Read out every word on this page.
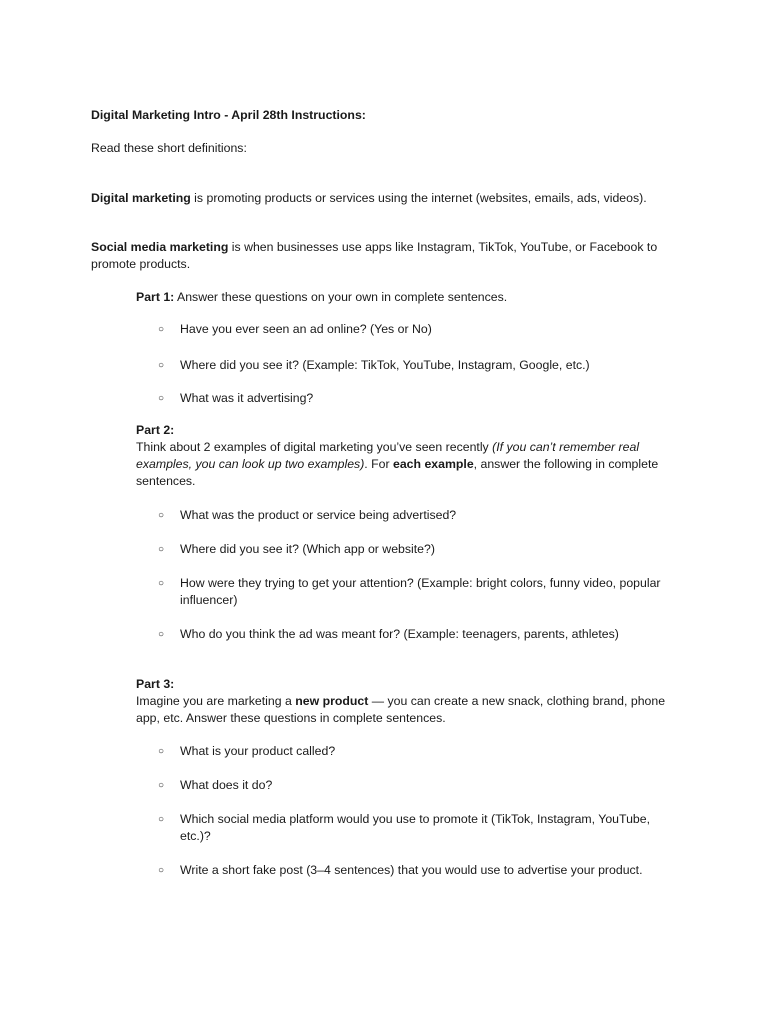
Digital Marketing Intro - April 28th Instructions:

Read these short definitions:

Digital marketing is promoting products or services using the internet (websites, emails, ads, videos).

Social media marketing is when businesses use apps like Instagram, TikTok, YouTube, or Facebook to promote products.

Part 1: Answer these questions on your own in complete sentences.

○	Have you ever seen an ad online? (Yes or No)
○	Where did you see it? (Example: TikTok, YouTube, Instagram, Google, etc.)
○	What was it advertising?
Part 2:
Think about 2 examples of digital marketing you’ve seen recently (If you can’t remember real examples, you can look up two examples). For each example, answer the following in complete sentences.
○	What was the product or service being advertised?
○	Where did you see it? (Which app or website?)
○	How were they trying to get your attention? (Example: bright colors, funny video, popular influencer)
○	Who do you think the ad was meant for? (Example: teenagers, parents, athletes)
Part 3:
Imagine you are marketing a new product — you can create a new snack, clothing brand, phone app, etc. Answer these questions in complete sentences.
○	What is your product called?
○	What does it do?
○	Which social media platform would you use to promote it (TikTok, Instagram, YouTube, etc.)?
○	Write a short fake post (3–4 sentences) that you would use to advertise your product.
